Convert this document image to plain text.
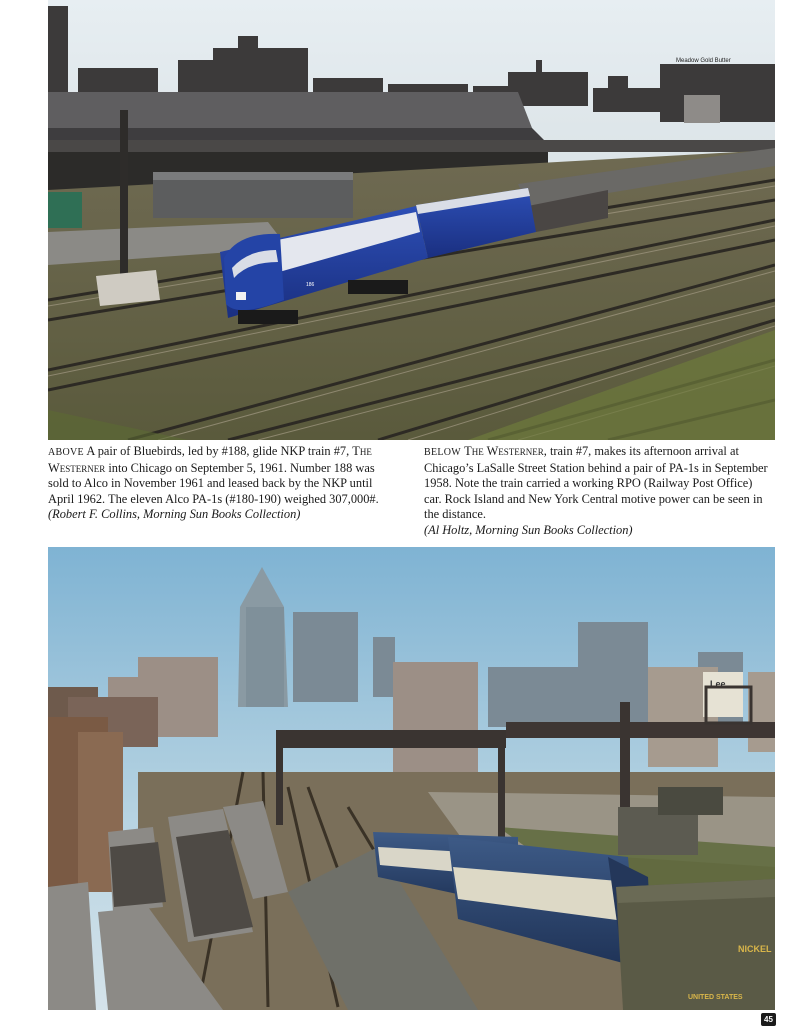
Meadow Gold Butter
186
ABOVE A pair of Bluebirds, led by #188, glide NKP train #7, The Westerner into Chicago on September 5, 1961. Number 188 was sold to Alco in November 1961 and leased back by the NKP until April 1962. The eleven Alco PA-1s (#180-190) weighed 307,000#.
(Robert F. Collins, Morning Sun Books Collection)
BELOW The Westerner, train #7, makes its afternoon arrival at Chicago’s LaSalle Street Station behind a pair of PA-1s in September 1958. Note the train carried a working RPO (Railway Post Office) car. Rock Island and New York Central motive power can be seen in the distance.
(Al Holtz, Morning Sun Books Collection)
Lee
NICKEL
UNITED STATES
45
